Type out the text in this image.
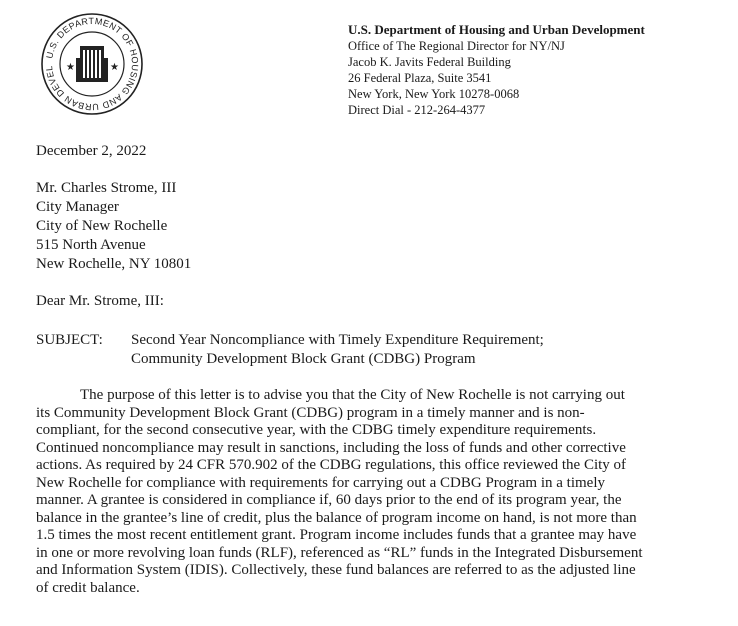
U.S. DEPARTMENT OF HOUSING AND URBAN DEVEL	★	★
U.S. Department of Housing and Urban Development
Office of The Regional Director for NY/NJ
Jacob K. Javits Federal Building
26 Federal Plaza, Suite 3541
New York, New York 10278-0068
Direct Dial - 212-264-4377
December 2, 2022
Mr. Charles Strome, III
City Manager
City of New Rochelle
515 North Avenue
New Rochelle, NY 10801
Dear Mr. Strome, III:
SUBJECT:	Second Year Noncompliance with Timely Expenditure Requirement;
Community Development Block Grant (CDBG) Program
The purpose of this letter is to advise you that the City of New Rochelle is not carrying out
its Community Development Block Grant (CDBG) program in a timely manner and is non-
compliant, for the second consecutive year, with the CDBG timely expenditure requirements.
Continued noncompliance may result in sanctions, including the loss of funds and other corrective
actions. As required by 24 CFR 570.902 of the CDBG regulations, this office reviewed the City of
New Rochelle for compliance with requirements for carrying out a CDBG Program in a timely
manner. A grantee is considered in compliance if, 60 days prior to the end of its program year, the
balance in the grantee’s line of credit, plus the balance of program income on hand, is not more than
1.5 times the most recent entitlement grant. Program income includes funds that a grantee may have
in one or more revolving loan funds (RLF), referenced as “RL” funds in the Integrated Disbursement
and Information System (IDIS). Collectively, these fund balances are referred to as the adjusted line
of credit balance.
